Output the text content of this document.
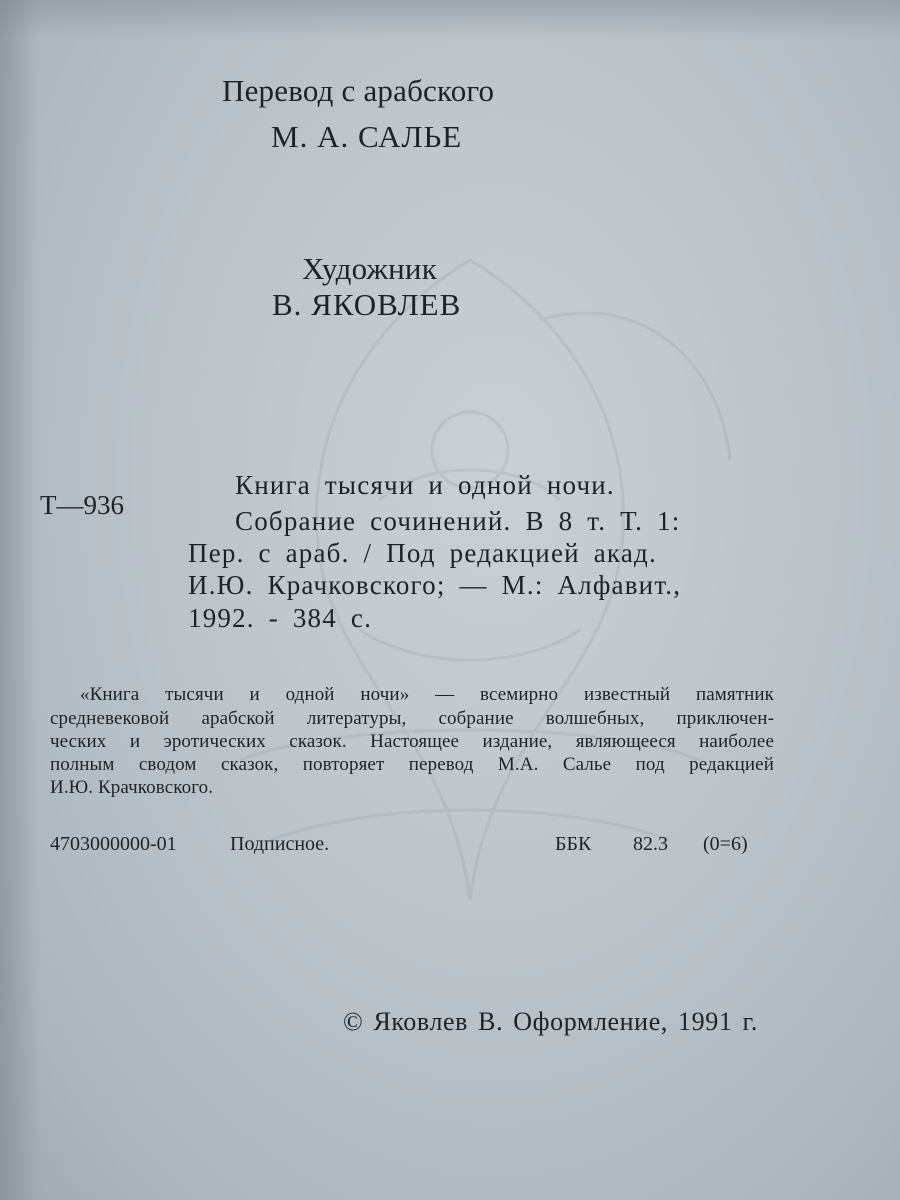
Перевод с арабского
М. А. САЛЬЕ
Художник
В. ЯКОВЛЕВ
Т—936
Книга тысячи и одной ночи.
Собрание сочинений. В 8 т. Т. 1:
Пер. с араб. / Под редакцией акад.
И.Ю. Крачковского; — М.: Алфавит.,
1992. - 384 с.
«Книга тысячи и одной ночи» — всемирно известный памятник
средневековой арабской литературы, собрание волшебных, приключен-
ческих и эротических сказок. Настоящее издание, являющееся наиболее
полным сводом сказок, повторяет перевод М.А. Салье под редакцией
И.Ю. Крачковского.
4703000000-01	Подписное.	ББК 82.3 (0=6)
© Яковлев В. Оформление, 1991 г.
